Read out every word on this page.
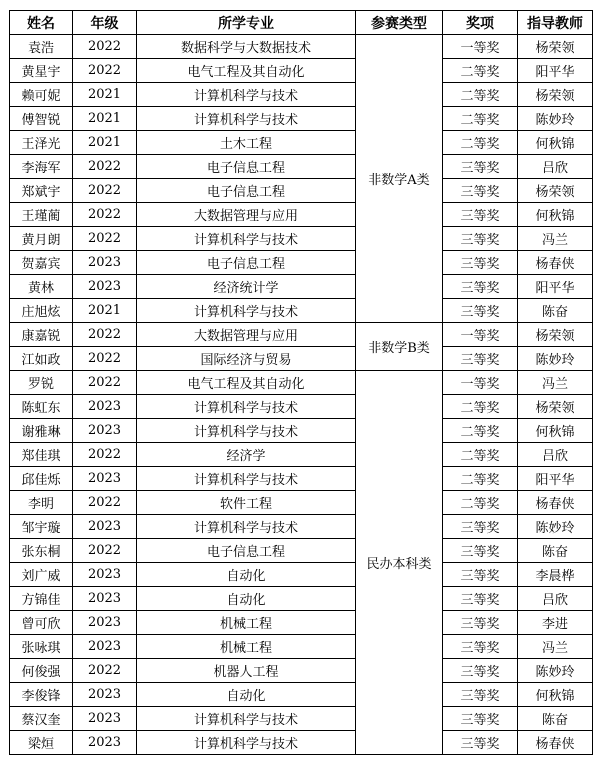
姓名	年级	所学专业	参赛类型	奖项	指导教师
袁浩	2022	数据科学与大数据技术	非数学A类	一等奖	杨荣领
黄星宇	2022	电气工程及其自动化		二等奖	阳平华
赖可妮	2021	计算机科学与技术		二等奖	杨荣领
傅智锐	2021	计算机科学与技术		二等奖	陈妙玲
王泽光	2021	土木工程		二等奖	何秋锦
李海军	2022	电子信息工程		三等奖	吕欣
郑斌宇	2022	电子信息工程		三等奖	杨荣领
王瑾蔺	2022	大数据管理与应用		三等奖	何秋锦
黄月朗	2022	计算机科学与技术		三等奖	冯兰
贺嘉宾	2023	电子信息工程		三等奖	杨春侠
黄林	2023	经济统计学		三等奖	阳平华
庄旭炫	2021	计算机科学与技术		三等奖	陈奋
康嘉锐	2022	大数据管理与应用	非数学B类	一等奖	杨荣领
江如政	2022	国际经济与贸易		三等奖	陈妙玲
罗锐	2022	电气工程及其自动化	民办本科类	一等奖	冯兰
陈虹东	2023	计算机科学与技术		二等奖	杨荣领
谢雅琳	2023	计算机科学与技术		二等奖	何秋锦
郑佳琪	2022	经济学		二等奖	吕欣
邱佳烁	2023	计算机科学与技术		二等奖	阳平华
李明	2022	软件工程		二等奖	杨春侠
邹宇璇	2023	计算机科学与技术		三等奖	陈妙玲
张东桐	2022	电子信息工程		三等奖	陈奋
刘广威	2023	自动化		三等奖	李晨桦
方锦佳	2023	自动化		三等奖	吕欣
曾可欣	2023	机械工程		三等奖	李进
张咏琪	2023	机械工程		三等奖	冯兰
何俊强	2022	机器人工程		三等奖	陈妙玲
李俊锋	2023	自动化		三等奖	何秋锦
蔡汉奎	2023	计算机科学与技术		三等奖	陈奋
梁烜	2023	计算机科学与技术		三等奖	杨春侠
